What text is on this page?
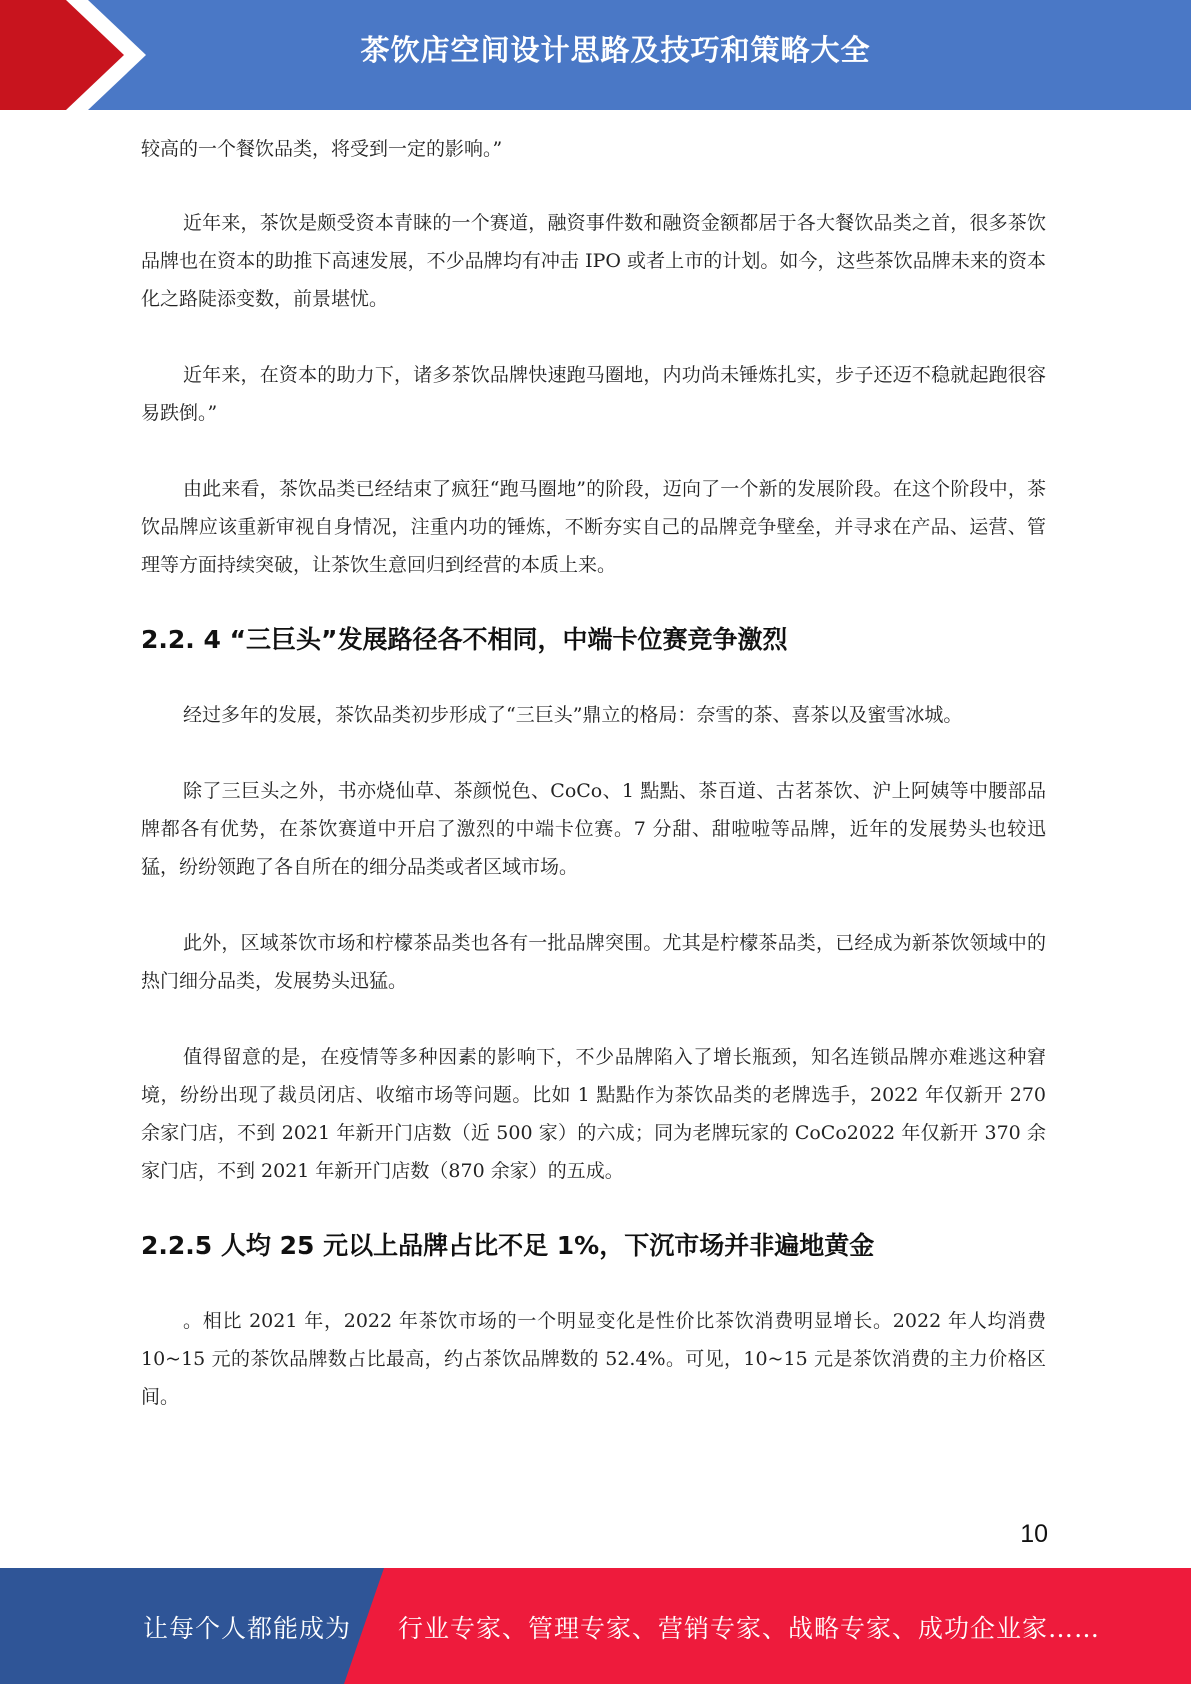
茶饮店空间设计思路及技巧和策略大全

较高的一个餐饮品类，将受到一定的影响。”

近年来，茶饮是颇受资本青睐的一个赛道，融资事件数和融资金额都居于各大餐饮品类之首，很多茶饮品牌也在资本的助推下高速发展，不少品牌均有冲击 IPO 或者上市的计划。如今，这些茶饮品牌未来的资本化之路陡添变数，前景堪忧。

近年来，在资本的助力下，诸多茶饮品牌快速跑马圈地，内功尚未锤炼扎实，步子还迈不稳就起跑很容易跌倒。”

由此来看，茶饮品类已经结束了疯狂“跑马圈地”的阶段，迈向了一个新的发展阶段。在这个阶段中，茶饮品牌应该重新审视自身情况，注重内功的锤炼，不断夯实自己的品牌竞争壁垒，并寻求在产品、运营、管理等方面持续突破，让茶饮生意回归到经营的本质上来。

2.2. 4 “三巨头”发展路径各不相同，中端卡位赛竞争激烈

经过多年的发展，茶饮品类初步形成了“三巨头”鼎立的格局：奈雪的茶、喜茶以及蜜雪冰城。

除了三巨头之外，书亦烧仙草、茶颜悦色、CoCo、1 點點、茶百道、古茗茶饮、沪上阿姨等中腰部品牌都各有优势，在茶饮赛道中开启了激烈的中端卡位赛。7 分甜、甜啦啦等品牌，近年的发展势头也较迅猛，纷纷领跑了各自所在的细分品类或者区域市场。

此外，区域茶饮市场和柠檬茶品类也各有一批品牌突围。尤其是柠檬茶品类，已经成为新茶饮领域中的热门细分品类，发展势头迅猛。

值得留意的是，在疫情等多种因素的影响下，不少品牌陷入了增长瓶颈，知名连锁品牌亦难逃这种窘境，纷纷出现了裁员闭店、收缩市场等问题。比如 1 點點作为茶饮品类的老牌选手，2022 年仅新开 270 余家门店，不到 2021 年新开门店数（近 500 家）的六成；同为老牌玩家的 CoCo2022 年仅新开 370 余家门店，不到 2021 年新开门店数（870 余家）的五成。

2.2.5 人均 25 元以上品牌占比不足 1%，下沉市场并非遍地黄金

。相比 2021 年，2022 年茶饮市场的一个明显变化是性价比茶饮消费明显增长。2022 年人均消费 10~15 元的茶饮品牌数占比最高，约占茶饮品牌数的 52.4%。可见，10~15 元是茶饮消费的主力价格区间。

10
让每个人都能成为 行业专家、管理专家、营销专家、战略专家、成功企业家……
